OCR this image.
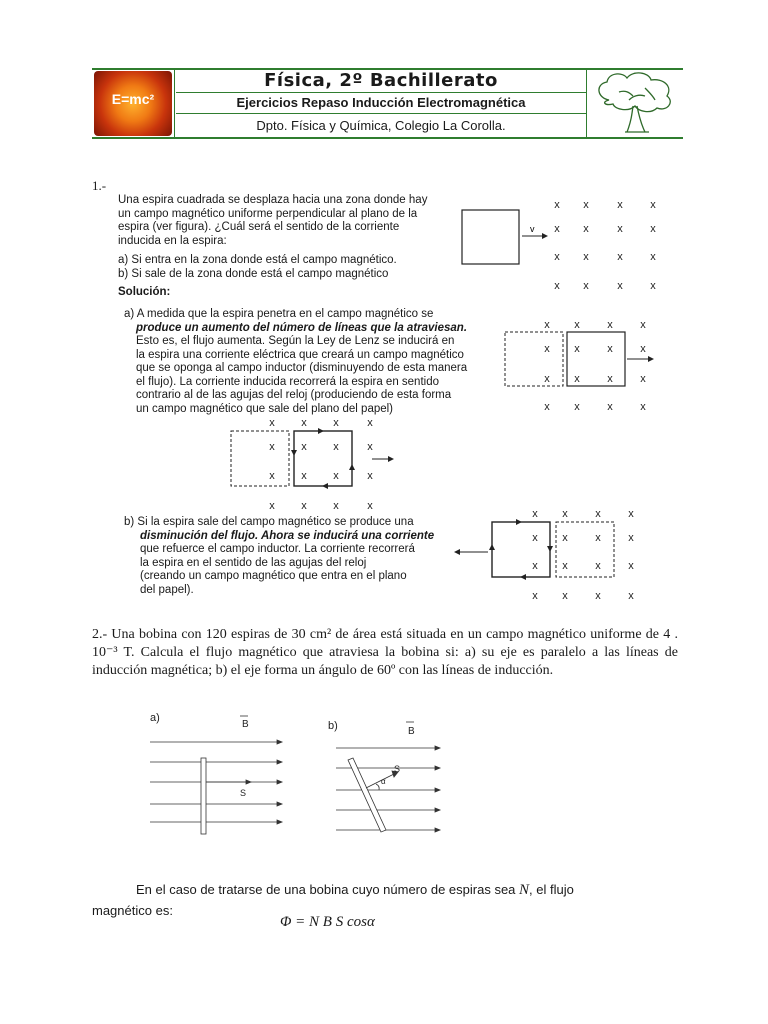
E=mc²
Física, 2º Bachillerato
Ejercicios Repaso Inducción Electromagnética
Dpto. Física y Química, Colegio La Corolla.
1.-
Una espira cuadrada se desplaza hacia una zona donde hay
un campo magnético uniforme perpendicular al plano de la
espira (ver figura). ¿Cuál será el sentido de la corriente
inducida en la espira:
a) Si entra en la zona donde está el campo magnético.
b) Si sale de la zona donde está el campo magnético
Solución:
v
x x	x	x
x x	x	x
x x	x	x
x x	x	x
a) A medida que la espira penetra en el campo magnético se
produce un aumento del número de líneas que la atraviesan.
Esto es, el flujo aumenta. Según la Ley de Lenz se inducirá en
la espira una corriente eléctrica que creará un campo magnético
que se oponga al campo inductor (disminuyendo de esta manera
el flujo). La corriente inducida recorrerá la espira en sentido
contrario al de las agujas del reloj (produciendo de esta forma
un campo magnético que sale del plano del papel)
x x	x	x
x x	x	x
x x	x	x
x x	x	x
x x x	x
x x x	x
x x x	x
x x x	x
b) Si la espira sale del campo magnético se produce una
disminución del flujo. Ahora se inducirá una corriente
que refuerce el campo inductor. La corriente recorrerá
la espira en el sentido de las agujas del reloj
(creando un campo magnético que entra en el plano
del papel).
x x	x	x
x x	x	x
x x	x	x
x x	x	x
2.- Una bobina con 120 espiras de 30 cm² de área está situada en un campo magnético uniforme de 4 . 10⁻³ T. Calcula el flujo magnético que atraviesa la bobina si: a) su eje es paralelo a las líneas de inducción magnética; b) el eje forma un ángulo de 60º con las líneas de inducción.
a)
B
S
b)	B
S
α
En el caso de tratarse de una bobina cuyo número de espiras sea N, el flujo
magnético es:
Φ = N B S cosα
